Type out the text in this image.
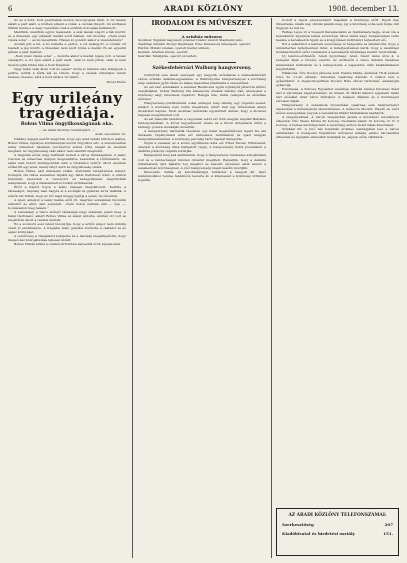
6	ARADI KÖZLÖNY	1908. december 13.

Sz es a hold, holt gyermekek módon mosolyogtak ránk. A viz lassan sétált a part alatt, a ködben pihent a vidék, a csónak ringott, mi szótlanul ültünk benne s a nagy csendben csak a szivünk dobogása hallatszott.

Mentünk, mentünk egyre messzebb, a szél lassan zúgott a fák között, és a füzesben egy elkésett madár szólt halkan. Azt mondta: „Nem jössz vissza soha“ ... és mi nevettünk. Hiszen ki gondolt akkor a visszatérésre?

Azután jött a tél, a hó befedte a partot, a viz befagyott, a csónak ott maradt a jég között, a füzesben nem szólt többé a madár. És én egyedül jártam a part mentén.

„Nem jössz vissza soha“ — mondta akkor a madár. Igaza volt. A tavasz visszajött, a viz újra sétált a part alatt, csak te nem jöttél, csak te nem mosolyogtál többé rám a hold fényénél.

Vagy talán csak álom volt az egész? Azóta is minden este kimegyek a partra, leülök a fűzfa alá és várom, hogy a csónak elinduljon velem messze, messze, ahol a hold sétál a viz felett...

Mózsi Mária

Egy urileány tragédiája.

Bohus Vilma öngyilkosságának oka.

— Az Aradi Közlöny tudósítójától. —

Arad, december 12.

Néhány nappal ezelőtt megírtuk, hogy egy arad-vidéki birtokos leánya, Bohus Vilma, rejtélyes körülmények között öngyilkos lett. A szerencsétlen leány szüleinek házában revolverrel szíven lőtte magát és azonnal meghalt. Az öngyilkosság okát akkor nem sikerült megtudni.

A tragédia azóta nagy feltűnést keltett a város társaságában. A leány rokonai és ismerősei mélyen megrendülve beszéltek a történtekről, de senki sem tudott felvilágosítást adni a titokzatos tettről. Most azonban előkerült egy levél, amely fényt derít az öngyilkosság okára.

Bohus Vilma, akit mindenki vidám, életvidám teremtésnek ismert, hónapok óta titkos szerelmet táplált egy fiatal tisztviselő iránt. A szülők tudomást szereztek a viszonyról és kategorikusan megtiltották leányuknak, hogy a fiatalemberrel tovább érintkezzék.

Ettől a naptól fogva a leány teljesen megváltozott. Kerülte a társaságot, napokig nem hagyta el a szobáját és gyakran sírva találták. A szülők azt hitték, hogy az idő majd meggyógyítja a sebet, de tévedtek.

A levél, amelyet a leány halála előtt írt, megrázó szavakban búcsúzik szüleitől és attól, akit szeretett. „Nem tudok nélküle élni — írja —, bocsássatok meg nekem.“

A temetésen a város előkelő társasága nagy számban jelent meg. A fiatal tisztviselő, akiért Bohus Vilma az életét áldozta, szintén ott volt és megtörten állott a ravatal mellett.

Ez a szomorú eset ismét bizonyítja, hogy a szülői szigor nem mindig vezet jó eredményre. A tragédia mély gyászba borította a családot és az egész környéket.

A rendőrség a vizsgálatot befejezte és a hatóság megállapította, hogy idegen kéz közrejátszása teljesen kizárt.

Bohus Vilmát szülei a családi sírboltban helyezték örök nyugalomra.

IRODALOM ÉS MŰVÉSZET.

A szinház műsora:

Szombat: Vigjáték nagyszerű premier (Gábor Andor) Stagmann Jenő.
Vasárnap délután: Mozgó fényképek. Este: Kisasszony feleségem, operett.
Hétfőn: Mulató istenek, operett (bérlet szünet).
Kedden: Ártatlan Zsuzsi, operett.
Szerdán: Tatárjárás, operett (A bérlet).

Székesfehérvári Walburg hangverseny.

Csütörtök este ismét szerepelt egy nagyobb előadással a székesfehérvári városi szinház dalárda-egyesülete. A Walburg-féle hangversenyen a közönség szép számban gyűlt össze és lelkes tapsokkal jutalmazta a szereplőket.

Az est első számaként a zenekar Beethoven egyik nyitányát játszotta kitűnő összjátékkal. Utána Walburg Ida kisasszony énekelt néhány dalt, amelyeket a közönség nagy tetszéssel fogadott. Hangja üde, tiszta csengésű és előadása művészi.

Hangverseny-publikumunk sokat emleget még mindig egy régebbi esetet, amikor a közönség nem tudta megérteni, miért kell egy művésznek annyi dicséretet kapnia. Most azonban mindenki egyetértett abban, hogy a dicséret teljesen megérdemelt volt.

Az est második részében a vegyeskar adott elő több magyar népdalt Bartalus feldolgozásában. A kórus fegyelmezett éneke és a finom árnyalások mind a karnagy gondos munkáját dicsérték.

A hangverseny harmadik részében egy fiatal hegedűművész lépett fel, aki Sarasate Cigánydalait adta elő bámulatos technikával és igazi magyar temperamentummal. A közönség percekig tartó tapssal ünnepelte.

Végül a zenekar és a kórus együttesen adta elő Erkel Ferenc Himnuszát, amelyet a közönség állva hallgatott végig. A hangverseny tiszta jövedelmét a dalárda jótékony céljaira fordítják.

Befejezésül meg kell említenünk, hogy a hangverseny rendezése kifogástalan volt és a rendezőséget minden dicséret megilleti. Reméljük, hogy a dalárda mihamarabb újra hallatni fog magáról és hasonló élvezetes estét szerez a zenekedvelő közönségnek. A jövő hangverseny idejét később közöljük.

Kinevezés. Vallás- és közoktatásügyi miniszter a szegedi áll. felső leányiskolához rendes tanárnővé nevezte ki. A kinevezést a közönség örömmel fogadta.

kodott a lapok presszionkért magukat a közönség előtt. Egyik nap hiresztelés, másik nap cáfolat jelenik meg, így a közönség soha sem tudja, mit higgyen és mit ne.

Farkas Lajos úr a Szegedi Kereskedelmi és Iparkamara tagja, évek óta a kereskedők ügyeinek lelkes szószólója. Most ismét nagy buzgalommal vette kezébe a kereskedők ügyét és a közgyűlésen indítványt terjesztett elő.

Ezt a szándékot a kamara vezetősége is helyeselte és elhatározta, hogy a miniszterhez felterjesztést intéz. A felterjesztésben kérik, hogy a vasárnapi munkaszünetről szóló rendeletet a kereskedők kívánsága szerint módosítsák.

Uj telefon-előfizetők. Aradi ügynökség: Arad, Szent Anna utca 4. A belépési díjak a törvény szerint. Az előfizetők a város minden részében felszerelést kérhetnek és a bekapcsolás a bejelentés után haladéktalanul megtörténik.

Halálozás. Özv. Kovács Jánosné szül. Fekete Mária, életének 78-ik évében folyó hó 11-én elhunyt. Temetése vasárnap délután 3 órakor lesz a gyászháztól. A megboldogultban Kovács Béla városi tisztviselő édesanyját gyászolja.

Felolvasás. A Kölcsey Egyesület vasárnap délután rendes felolvasó ülést tart a városháza nagytermében. Az ülésen dr. Márki Sándor egyetemi tanár tart előadást Arad város múltjáról. A belépés díjtalan és a közönséget szívesen látják.

Hangverseny. A zeneiskola növendékei vasárnap este hangversenyt rendeznek a Kultúrpalota dísztermében. A műsoron Mozart, Haydn és Liszt művei szerepelnek. Jegyek a zeneiskola titkári hivatalában kaphatók.

A szegényeknek. A városi szegényház javára a következő adományok érkeztek: Özv. Weisz Mórné 20 korona, Neumann Jakab 10 korona, N. N. 5 korona. A nemes adományokért a vezetőség ezúton mond hálás köszönetet.

Színházi hír. A jövő hét folyamán érdekes vendégjáték lesz a városi színházban. A budapesti Vígszínház művészei néhány estére városunkba érkeznek és legújabb sikereiket mutatják be. Jegyek előre válthatók.

AZ ARADI KÖZLÖNY TELEFONSZÁMAI:
Szerkesztőség	207
Kiadóhivatal és hirdetési osztály	151.
